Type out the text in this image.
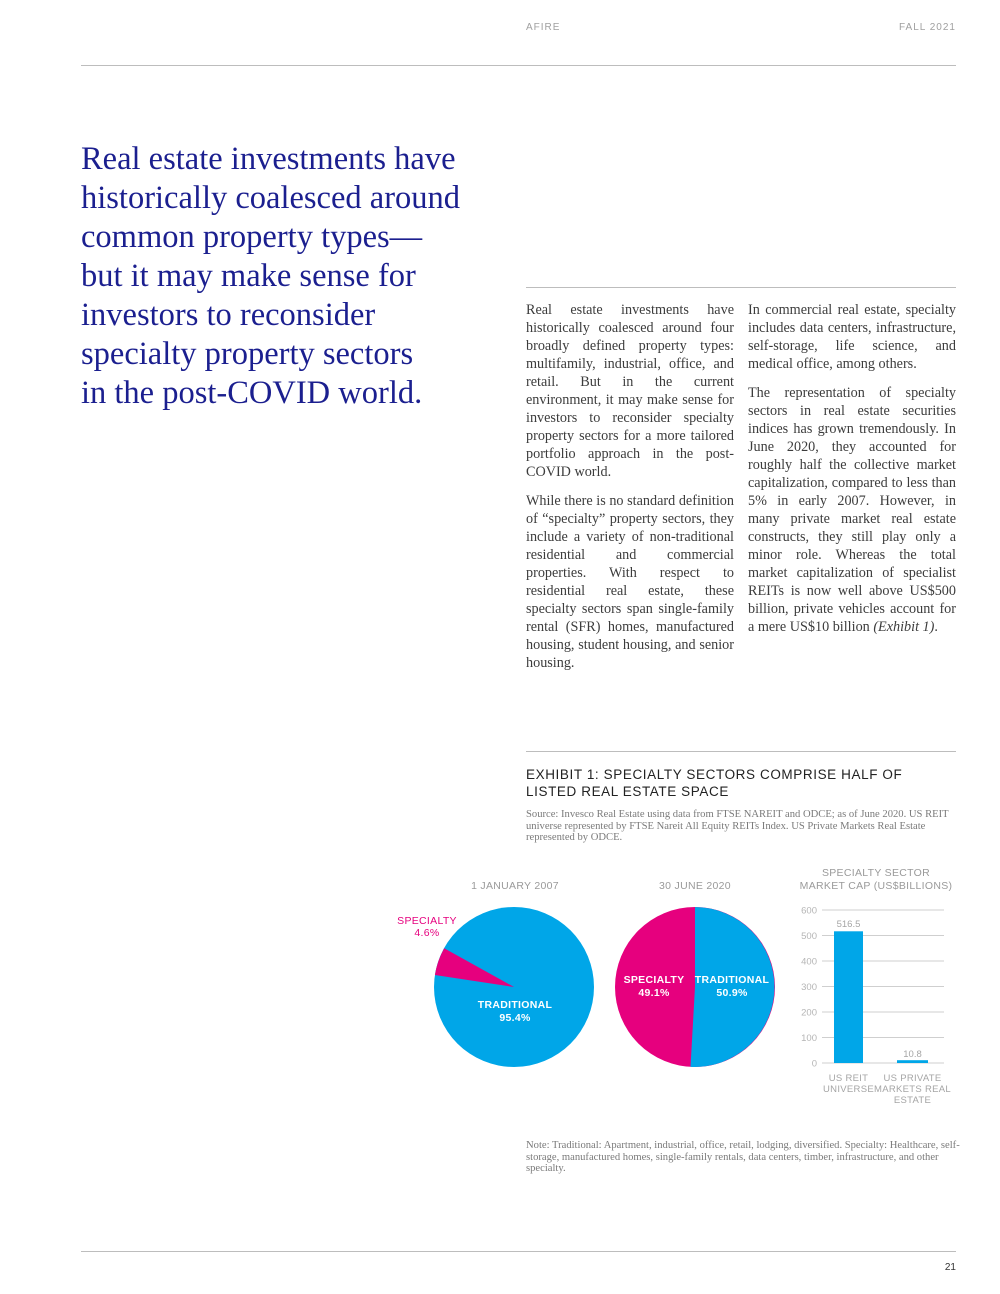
AFIRE	FALL 2021
Real estate investments have
historically coalesced around
common property types—
but it may make sense for
investors to reconsider
specialty property sectors
in the post-COVID world.

Real estate investments have historically coalesced around four broadly defined property types: multifamily, industrial, office, and retail. But in the current environment, it may make sense for investors to reconsider specialty property sectors for a more tailored portfolio approach in the post-COVID world.

While there is no standard definition of “specialty” property sectors, they include a variety of non-traditional residential and commercial properties. With respect to residential real estate, these specialty sectors span single-family rental (SFR) homes, manufactured housing, student housing, and senior housing.

In commercial real estate, specialty includes data centers, infrastructure, self-storage, life science, and medical office, among others.

The representation of specialty sectors in real estate securities indices has grown tremendously. In June 2020, they accounted for roughly half the collective market capitalization, compared to less than 5% in early 2007. However, in many private market real estate constructs, they still play only a minor role. Whereas the total market capitalization of specialist REITs is now well above US$500 billion, private vehicles account for a mere US$10 billion (Exhibit 1).

EXHIBIT 1: SPECIALTY SECTORS COMPRISE HALF OF LISTED REAL ESTATE SPACE
Source: Invesco Real Estate using data from FTSE NAREIT and ODCE; as of June 2020. US REIT universe represented by FTSE Nareit All Equity REITs Index. US Private Markets Real Estate represented by ODCE.
1 JANUARY 2007
SPECIALTY
4.6%
TRADITIONAL
95.4%
30 JUNE 2020
SPECIALTY
49.1%
TRADITIONAL
50.9%
SPECIALTY SECTOR
MARKET CAP (US$BILLIONS)
600
500
400
300
200
100
0
516.5
10.8
US REIT
UNIVERSE
US PRIVATE
MARKETS REAL
ESTATE
Note: Traditional: Apartment, industrial, office, retail, lodging, diversified. Specialty: Healthcare, self-storage, manufactured homes, single-family rentals, data centers, timber, infrastructure, and other specialty.
21
